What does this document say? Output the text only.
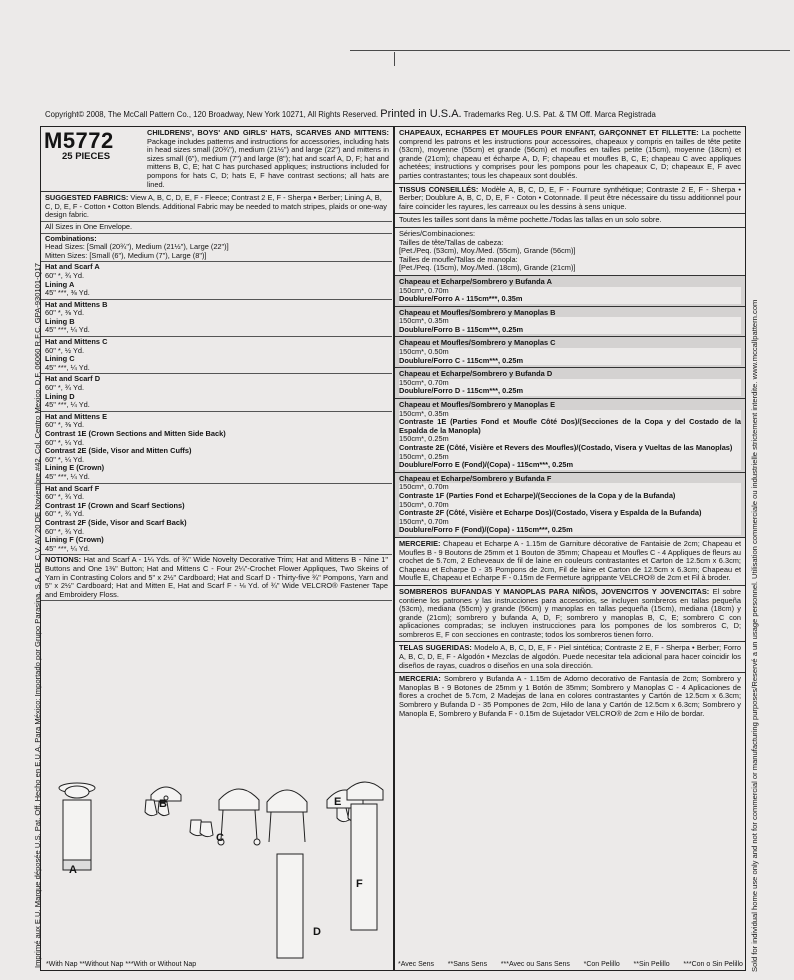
Imprimé aux E.U. Marque déposée U.S. Pat. Off. Hecho en E.U.A. Para México: Importado por Grupo Parasina, S.A. DE C.V. AV 20 DE Noviembre #42, Col. Centro Mexico, D.F. 06060 R.F.C. GPA-930101-Q17	Sold for individual home use only and not for commercial or manufacturing purposes/Reservé a un usage personnel. Utilisation commerciale ou industrielle strictement interdite. www.mccallpattern.com
Copyright© 2008, The McCall Pattern Co., 120 Broadway, New York 10271, All Rights Reserved. Printed in U.S.A. Trademarks Reg. U.S. Pat. & TM Off. Marca Registrada
M5772
25 PIECES
CHILDRENS', BOYS' AND GIRLS' HATS, SCARVES AND MITTENS: Package includes patterns and instructions for accessories, including hats in head sizes small (20¾"), medium (21½") and large (22") and mittens in sizes small (6"), medium (7") and large (8"); hat and scarf A, D, F; hat and mittens B, C, E; hat C has purchased appliques; instructions included for pompons for hats C, D; hats E, F have contrast sections; all hats are lined.
SUGGESTED FABRICS: View A, B, C, D, E, F - Fleece; Contrast 2 E, F - Sherpa • Berber; Lining A, B, C, D, E, F - Cotton • Cotton Blends. Additional Fabric may be needed to match stripes, plaids or one-way design fabric.
All Sizes in One Envelope.

Combinations:

Head Sizes: [Small (20¾"), Medium (21½"), Large (22")]

Mitten Sizes: [Small (6"), Medium (7"), Large (8")]

Hat and Scarf A

60" *, ¾ Yd.

Lining A

45" ***, ⅜ Yd.

Hat and Mittens B

60" *, ⅜ Yd.

Lining B

45" ***, ¼ Yd.

Hat and Mittens C

60" *, ½ Yd.

Lining C

45" ***, ¼ Yd.

Hat and Scarf D

60" *, ¾ Yd.

Lining D

45" ***, ¼ Yd.

Hat and Mittens E

60" *, ⅜ Yd.

Contrast 1E (Crown Sections and Mitten Side Back)

60" *, ¼ Yd.

Contrast 2E (Side, Visor and Mitten Cuffs)

60" *, ¼ Yd.

Lining E (Crown)

45" ***, ¼ Yd.

Hat and Scarf F

60" *, ¾ Yd.

Contrast 1F (Crown and Scarf Sections)

60" *, ¾ Yd.

Contrast 2F (Side, Visor and Scarf Back)

60" *, ¾ Yd.

Lining F (Crown)

45" ***, ¼ Yd.

NOTIONS: Hat and Scarf A - 1¼ Yds. of ¾" Wide Novelty Decorative Trim; Hat and Mittens B - Nine 1" Buttons and One 1⅜" Button; Hat and Mittens C - Four 2¼"-Crochet Flower Appliques, Two Skeins of Yarn in Contrasting Colors and 5" x 2½" Cardboard; Hat and Scarf D - Thirty-five ¾" Pompons, Yarn and 5" x 2½" Cardboard; Hat and Mitten E, Hat and Scarf F - ⅛ Yd. of ¾" Wide VELCRO® Fastener Tape and Embroidery Floss.
A
B
C
D
E
F
*With Nap **Without Nap ***With or Without Nap
CHAPEAUX, ECHARPES ET MOUFLES POUR ENFANT, GARÇONNET ET FILLETTE: La pochette comprend les patrons et les instructions pour accessoires, chapeaux y compris en tailles de tête petite (53cm), moyenne (55cm) et grande (56cm) et moufles en tailles petite (15cm), moyenne (18cm) et grande (21cm); chapeau et écharpe A, D, F; chapeau et moufles B, C, E; chapeau C avec appliques achetées; instructions y comprises pour les pompons pour les chapeaux C, D; chapeaux E, F avec parties contrastantes; tous les chapeaux sont doublés.
TISSUS CONSEILLÉS: Modèle A, B, C, D, E, F - Fourrure synthétique; Contraste 2 E, F - Sherpa • Berber; Doublure A, B, C, D, E, F - Coton • Cotonnade. Il peut être nécessaire du tissu additionnel pour faire coincider les rayures, les carreaux ou les dessins à sens unique.
Toutes les tailles sont dans la même pochette./Todas las tallas en un solo sobre.
Séries/Combinaciones:
Tailles de tête/Tallas de cabeza:
[Pet./Peq. (53cm), Moy./Med. (55cm), Grande (56cm)]
Tailles de moufle/Tallas de manopla:
[Pet./Peq. (15cm), Moy./Med. (18cm), Grande (21cm)]

Chapeau et Echarpe/Sombrero y Bufanda A

150cm*, 0.70m

Doublure/Forro A - 115cm***, 0.35m

Chapeau et Moufles/Sombrero y Manoplas B

150cm*, 0.35m

Doublure/Forro B - 115cm***, 0.25m

Chapeau et Moufles/Sombrero y Manoplas C

150cm*, 0.50m

Doublure/Forro C - 115cm***, 0.25m

Chapeau et Echarpe/Sombrero y Bufanda D

150cm*, 0.70m

Doublure/Forro D - 115cm***, 0.25m

Chapeau et Moufles/Sombrero y Manoplas E

150cm*, 0.35m

Contraste 1E (Parties Fond et Moufle Côté Dos)/(Secciones de la Copa y del Costado de la Espalda de la Manopla)

150cm*, 0.25m

Contraste 2E (Côté, Visière et Revers des Moufles)/(Costado, Visera y Vueltas de las Manoplas)

150cm*, 0.25m

Doublure/Forro E (Fond)/(Copa) - 115cm***, 0.25m

Chapeau et Echarpe/Sombrero y Bufanda F

150cm*, 0.70m

Contraste 1F (Parties Fond et Echarpe)/(Secciones de la Copa y de la Bufanda)

150cm*, 0.70m

Contraste 2F (Côté, Visière et Echarpe Dos)/(Costado, Visera y Espalda de la Bufanda)

150cm*, 0.70m

Doublure/Forro F (Fond)/(Copa) - 115cm***, 0.25m

MERCERIE: Chapeau et Echarpe A - 1.15m de Garniture décorative de Fantaisie de 2cm; Chapeau et Moufles B - 9 Boutons de 25mm et 1 Bouton de 35mm; Chapeau et Moufles C - 4 Appliques de fleurs au crochet de 5.7cm, 2 Echeveaux de fil de laine en couleurs contrastantes et Carton de 12.5cm x 6.3cm; Chapeau et Echarpe D - 35 Pompons de 2cm, Fil de laine et Carton de 12.5cm x 6.3cm; Chapeau et Moufle E, Chapeau et Echarpe F - 0.15m de Fermeture agrippante VELCRO® de 2cm et Fil à broder.
SOMBREROS BUFANDAS Y MANOPLAS PARA NIÑOS, JOVENCITOS Y JOVENCITAS: El sobre contiene los patrones y las instrucciones para accesorios, se incluyen sombreros en tallas pequeña (53cm), mediana (55cm) y grande (56cm) y manoplas en tallas pequeña (15cm), mediana (18cm) y grande (21cm); sombrero y bufanda A, D, F; sombrero y manoplas B, C, E; sombrero C con aplicaciones compradas; se incluyen instrucciones para los pompones de los sombreros C, D; sombreros E, F con secciones en contraste; todos los sombreros tienen forro.
TELAS SUGERIDAS: Modelo A, B, C, D, E, F - Piel sintética; Contraste 2 E, F - Sherpa • Berber; Forro A, B, C, D, E, F - Algodón • Mezclas de algodón. Puede necesitar tela adicional para hacer coincidir los diseños de rayas, cuadros o diseños en una sola dirección.
MERCERIA: Sombrero y Bufanda A - 1.15m de Adorno decorativo de Fantasía de 2cm; Sombrero y Manoplas B - 9 Botones de 25mm y 1 Botón de 35mm; Sombrero y Manoplas C - 4 Aplicaciones de flores a crochet de 5.7cm, 2 Madejas de lana en colores contrastantes y Cartón de 12.5cm x 6.3cm; Sombrero y Bufanda D - 35 Pompones de 2cm, Hilo de lana y Cartón de 12.5cm x 6.3cm; Sombrero y Manopla E, Sombrero y Bufanda F - 0.15m de Sujetador VELCRO® de 2cm e Hilo de bordar.
*Avec Sens **Sans Sens ***Avec ou Sans Sens *Con Pelillo **Sin Pelillo ***Con o Sin Pelillo
